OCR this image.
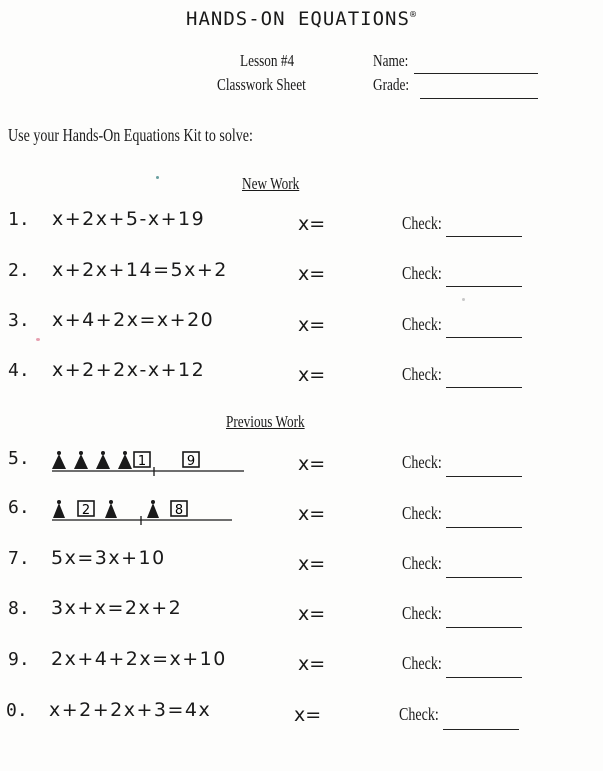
HANDS-ON EQUATIONS®
Lesson #4
Classwork Sheet
Name:
Grade:
Use your Hands-On Equations Kit to solve:
New Work
Previous Work
1. x+2x+5-x+19	x=	Check:
2. x+2x+14=5x+2	x=	Check:
3. x+4+2x=x+20	x=	Check:
4. x+2+2x-x+12	x=	Check:
5.	1	9	x=	Check:
6.	2	8	x=	Check:
7. 5x=3x+10	x=	Check:
8. 3x+x=2x+2	x=	Check:
9. 2x+4+2x=x+10	x=	Check:
0. x+2+2x+3=4x	x=	Check:
